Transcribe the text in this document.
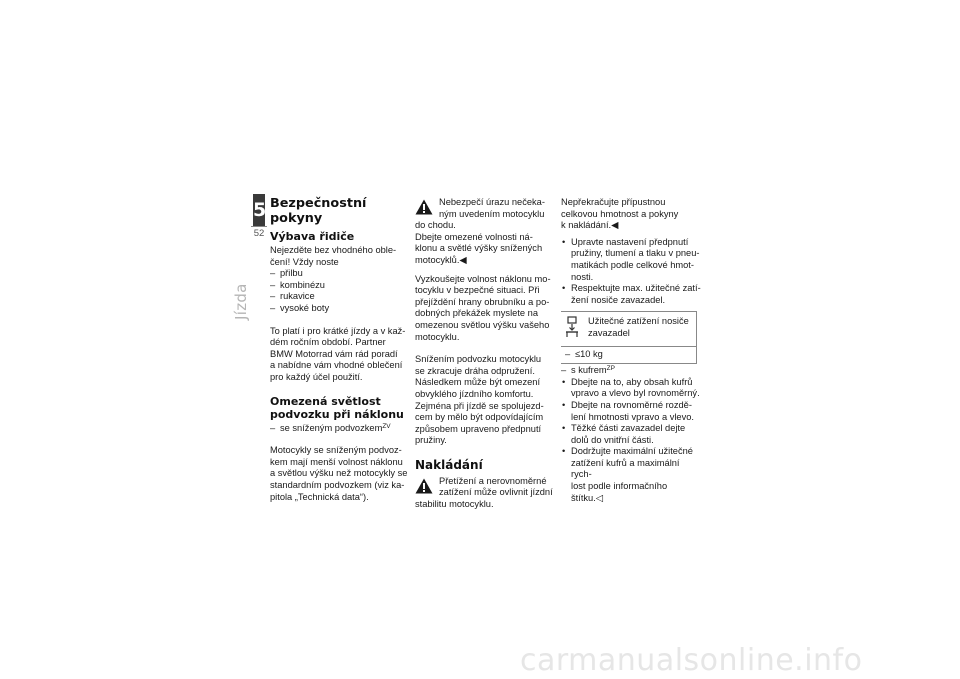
5
52
Jízda
Bezpečnostní pokyny
Výbava řidiče

Nejezděte bez vhodného oble-

čení! Vždy noste

– přilbu

– kombinézu

– rukavice

– vysoké boty

To platí i pro krátké jízdy a v kaž-

dém ročním období. Partner

BMW Motorrad vám rád poradí

a nabídne vám vhodné oblečení

pro každý účel použití.

Omezená světlost
podvozku při náklonu

– se sníženým podvozkem$^{ZV}$

Motocykly se sníženým podvoz-

kem mají menší volnost náklonu

a světlou výšku než motocykly se

standardním podvozkem (viz ka-

pitola „Technická data“).

Nebezpečí úrazu nečeka-

ným uvedením motocyklu

do chodu.

Dbejte omezené volnosti ná-

klonu a světlé výšky snížených

motocyklů.◀

Vyzkoušejte volnost náklonu mo-

tocyklu v bezpečné situaci. Při

přejíždění hrany obrubníku a po-

dobných překážek myslete na

omezenou světlou výšku vašeho

motocyklu.

Snížením podvozku motocyklu

se zkracuje dráha odpružení.

Následkem může být omezení

obvyklého jízdního komfortu.

Zejména při jízdě se spolujezd-

cem by mělo být odpovídajícím

způsobem upraveno předpnutí

pružiny.

Nakládání

Přetížení a nerovnoměrné

zatížení může ovlivnit jízdní

stabilitu motocyklu.

Nepřekračujte přípustnou

celkovou hmotnost a pokyny

k nakládání.◀

• Upravte nastavení předpnutí

pružiny, tlumení a tlaku v pneu-

matikách podle celkové hmot-

nosti.

• Respektujte max. užitečné zatí-

žení nosiče zavazadel.

Užitečné zatížení nosiče

zavazadel

– ≤10 kg

– s kufrem$^{ZP}$

• Dbejte na to, aby obsah kufrů

vpravo a vlevo byl rovnoměrný.

• Dbejte na rovnoměrné rozdě-

lení hmotnosti vpravo a vlevo.

• Těžké části zavazadel dejte

dolů do vnitřní části.

• Dodržujte maximální užitečné

zatížení kufrů a maximální rych-

lost podle informačního štítku.◁

carmanualsonline.info
